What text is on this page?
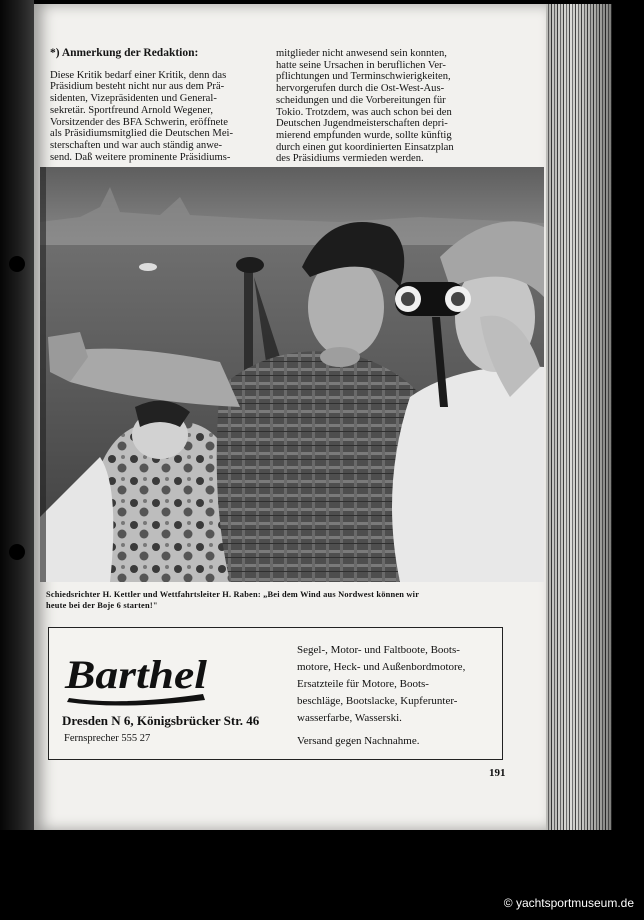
*) Anmerkung der Redaktion:
Diese Kritik bedarf einer Kritik, denn das
Präsidium besteht nicht nur aus dem Prä-
sidenten, Vizepräsidenten und General-
sekretär. Sportfreund Arnold Wegener,
Vorsitzender des BFA Schwerin, eröffnete
als Präsidiumsmitglied die Deutschen Mei-
sterschaften und war auch ständig anwe-
send. Daß weitere prominente Präsidiums-
mitglieder nicht anwesend sein konnten,
hatte seine Ursachen in beruflichen Ver-
pflichtungen und Terminschwierigkeiten,
hervorgerufen durch die Ost-West-Aus-
scheidungen und die Vorbereitungen für
Tokio. Trotzdem, was auch schon bei den
Deutschen Jugendmeisterschaften depri-
mierend empfunden wurde, sollte künftig
durch einen gut koordinierten Einsatzplan
des Präsidiums vermieden werden.
Schiedsrichter H. Kettler und Wettfahrtsleiter H. Raben: „Bei dem Wind aus Nordwest können wir
heute bei der Boje 6 starten!"
Barthel
Dresden N 6, Königsbrücker Str. 46
Fernsprecher 555 27
Segel-, Motor- und Faltboote, Boots-
motore, Heck- und Außenbordmotore,
Ersatzteile für Motore, Boots-
beschläge, Bootslacke, Kupferunter-
wasserfarbe, Wasserski.
Versand gegen Nachnahme.
191
© yachtsportmuseum.de
